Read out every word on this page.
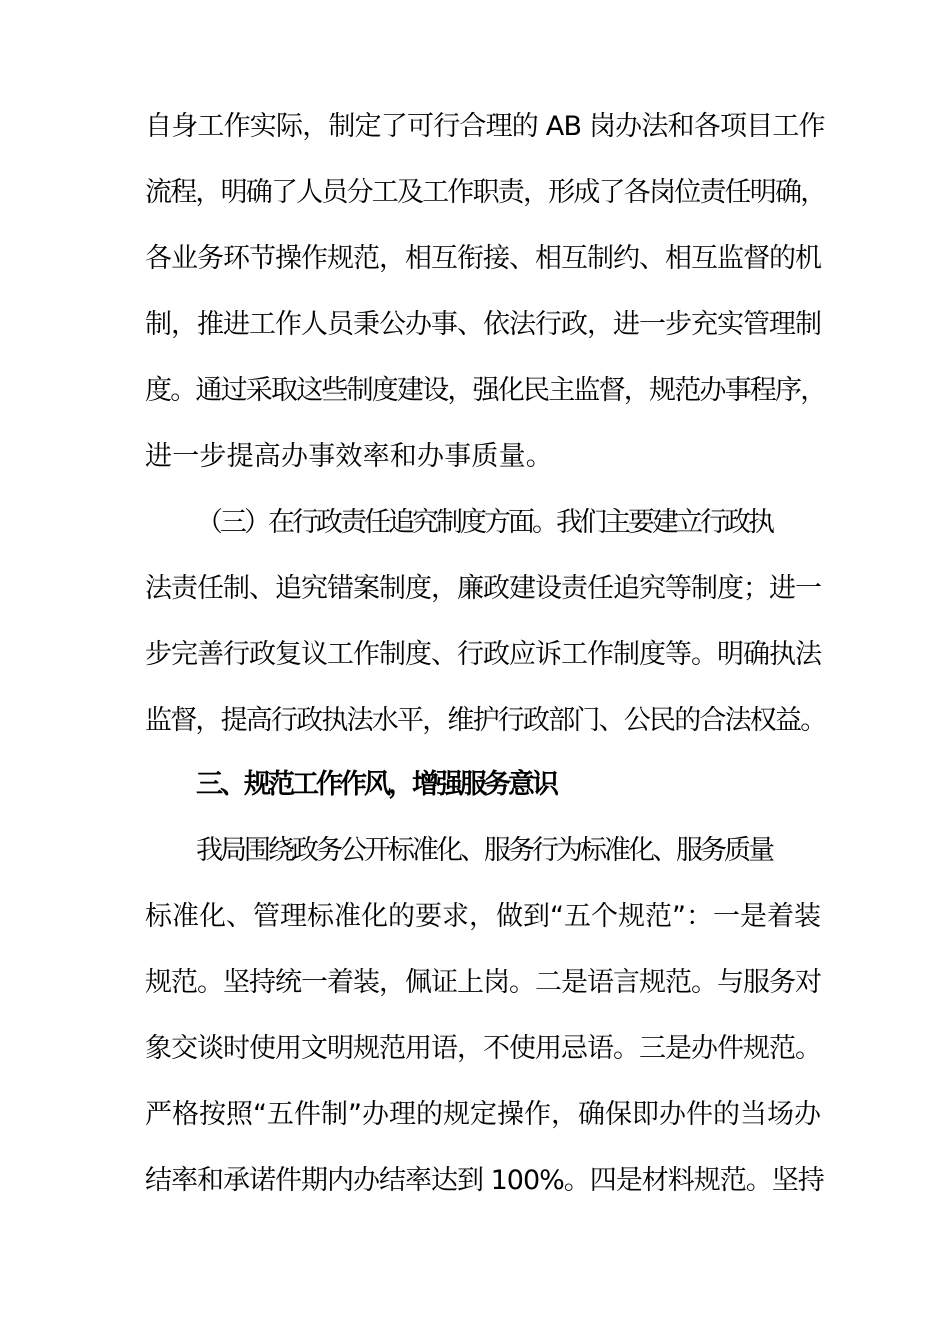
自身工作实际，制定了可行合理的 AB 岗办法和各项目工作
流程，明确了人员分工及工作职责，形成了各岗位责任明确，
各业务环节操作规范，相互衔接、相互制约、相互监督的机
制，推进工作人员秉公办事、依法行政，进一步充实管理制
度。通过采取这些制度建设，强化民主监督，规范办事程序，
进一步提高办事效率和办事质量。
（三）在行政责任追究制度方面。我们主要建立行政执
法责任制、追究错案制度，廉政建设责任追究等制度；进一
步完善行政复议工作制度、行政应诉工作制度等。明确执法
监督，提高行政执法水平，维护行政部门、公民的合法权益。
三、规范工作作风，增强服务意识
我局围绕政务公开标准化、服务行为标准化、服务质量
标准化、管理标准化的要求，做到“五个规范”：一是着装
规范。坚持统一着装，佩证上岗。二是语言规范。与服务对
象交谈时使用文明规范用语，不使用忌语。三是办件规范。
严格按照“五件制”办理的规定操作，确保即办件的当场办
结率和承诺件期内办结率达到 100%。四是材料规范。坚持
